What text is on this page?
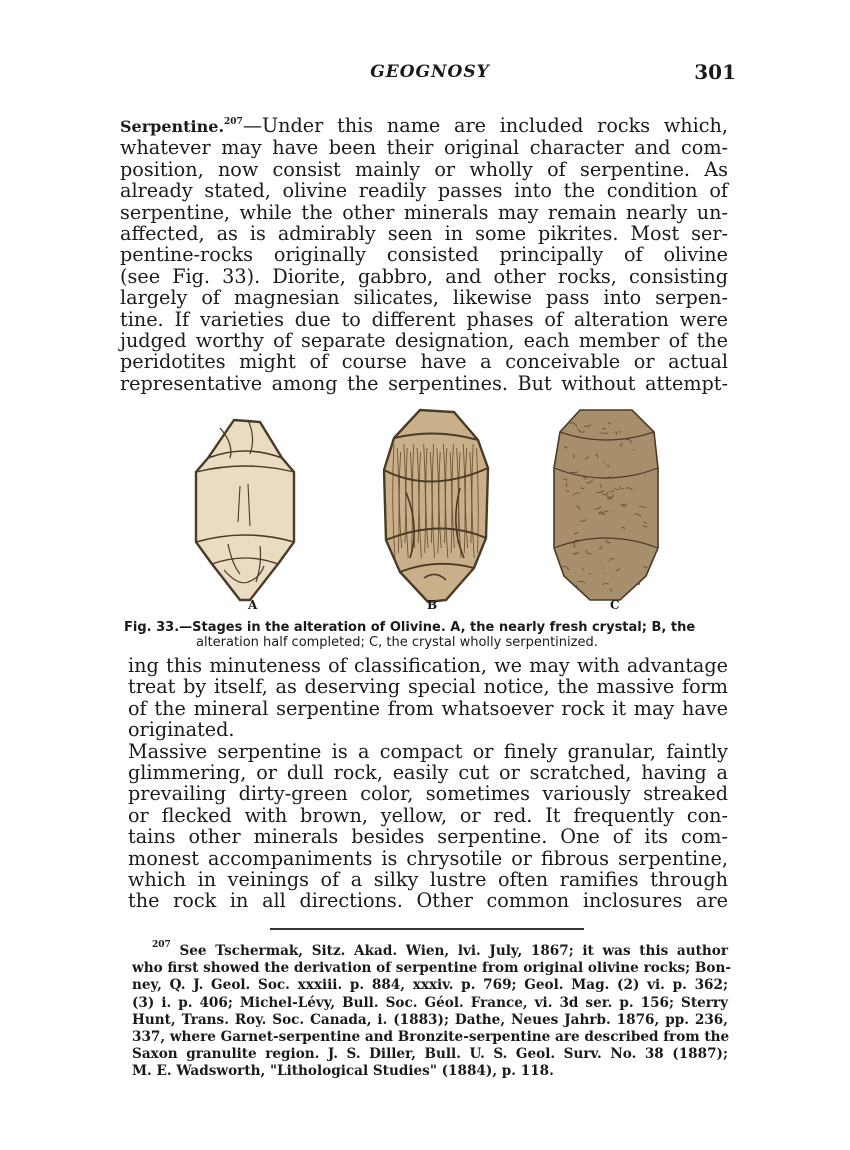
GEOGNOSY	301
Serpentine.$^{207}$—Under this name are included rocks which,
whatever may have been their original character and com-
position, now consist mainly or wholly of serpentine. As
already stated, olivine readily passes into the condition of
serpentine, while the other minerals may remain nearly un-
affected, as is admirably seen in some pikrites. Most ser-
pentine-rocks originally consisted principally of olivine
(see Fig. 33). Diorite, gabbro, and other rocks, consisting
largely of magnesian silicates, likewise pass into serpen-
tine. If varieties due to different phases of alteration were
judged worthy of separate designation, each member of the
peridotites might of course have a conceivable or actual
representative among the serpentines. But without attempt-
A	B	C
Fig. 33.—Stages in the alteration of Olivine. A, the nearly fresh crystal; B, the
alteration half completed; C, the crystal wholly serpentinized.
ing this minuteness of classification, we may with advantage
treat by itself, as deserving special notice, the massive form
of the mineral serpentine from whatsoever rock it may have
originated.
Massive serpentine is a compact or finely granular, faintly
glimmering, or dull rock, easily cut or scratched, having a
prevailing dirty-green color, sometimes variously streaked
or flecked with brown, yellow, or red. It frequently con-
tains other minerals besides serpentine. One of its com-
monest accompaniments is chrysotile or fibrous serpentine,
which in veinings of a silky lustre often ramifies through
the rock in all directions. Other common inclosures are
$^{207}$ See Tschermak, Sitz. Akad. Wien, lvi. July, 1867; it was this author
who first showed the derivation of serpentine from original olivine rocks; Bon-
ney, Q. J. Geol. Soc. xxxiii. p. 884, xxxiv. p. 769; Geol. Mag. (2) vi. p. 362;
(3) i. p. 406; Michel-Lévy, Bull. Soc. Géol. France, vi. 3d ser. p. 156; Sterry
Hunt, Trans. Roy. Soc. Canada, i. (1883); Dathe, Neues Jahrb. 1876, pp. 236,
337, where Garnet-serpentine and Bronzite-serpentine are described from the
Saxon granulite region. J. S. Diller, Bull. U. S. Geol. Surv. No. 38 (1887);
M. E. Wadsworth, "Lithological Studies" (1884), p. 118.
